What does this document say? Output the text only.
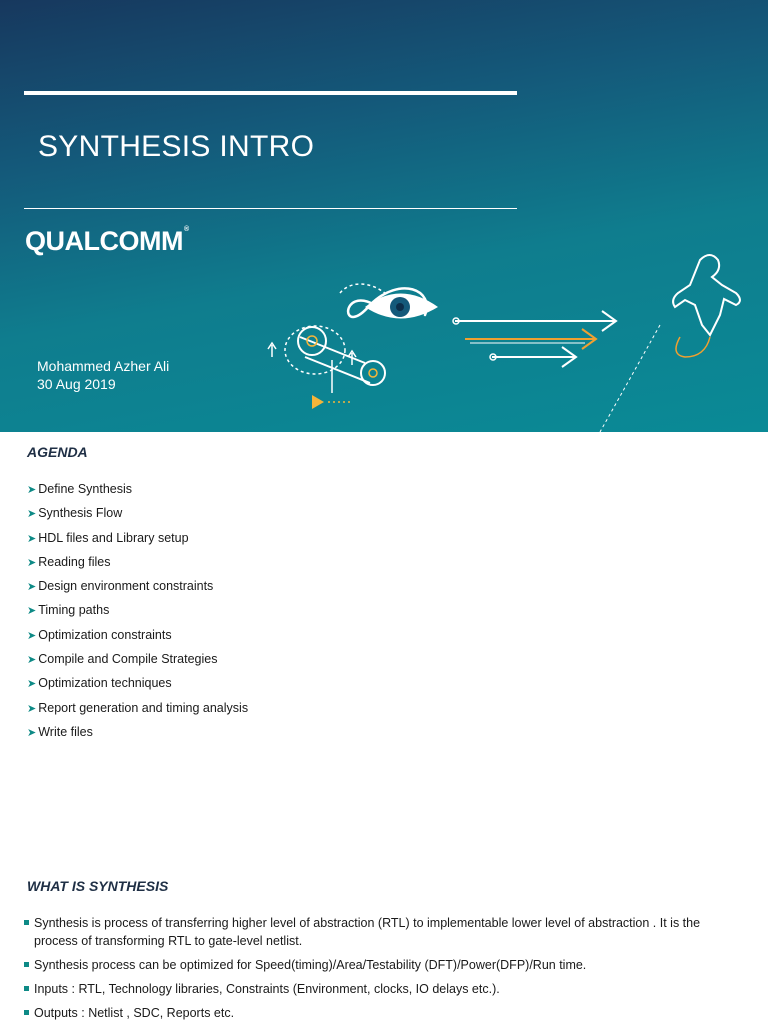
SYNTHESIS INTRO
QUALCOMM®
Mohammed Azher Ali
30 Aug 2019
AGENDA
➤ Define Synthesis
➤ Synthesis Flow
➤ HDL files and Library setup
➤ Reading files
➤ Design environment constraints
➤ Timing paths
➤ Optimization constraints
➤ Compile and Compile Strategies
➤ Optimization techniques
➤ Report generation and timing analysis
➤ Write files
WHAT IS SYNTHESIS
Synthesis is process of transferring higher level of abstraction (RTL) to implementable lower level of abstraction . It is the process of transforming RTL to gate-level netlist.
Synthesis process can be optimized for Speed(timing)/Area/Testability (DFT)/Power(DFP)/Run time.
Inputs : RTL, Technology libraries, Constraints (Environment, clocks, IO delays etc.).
Outputs : Netlist , SDC, Reports etc.
